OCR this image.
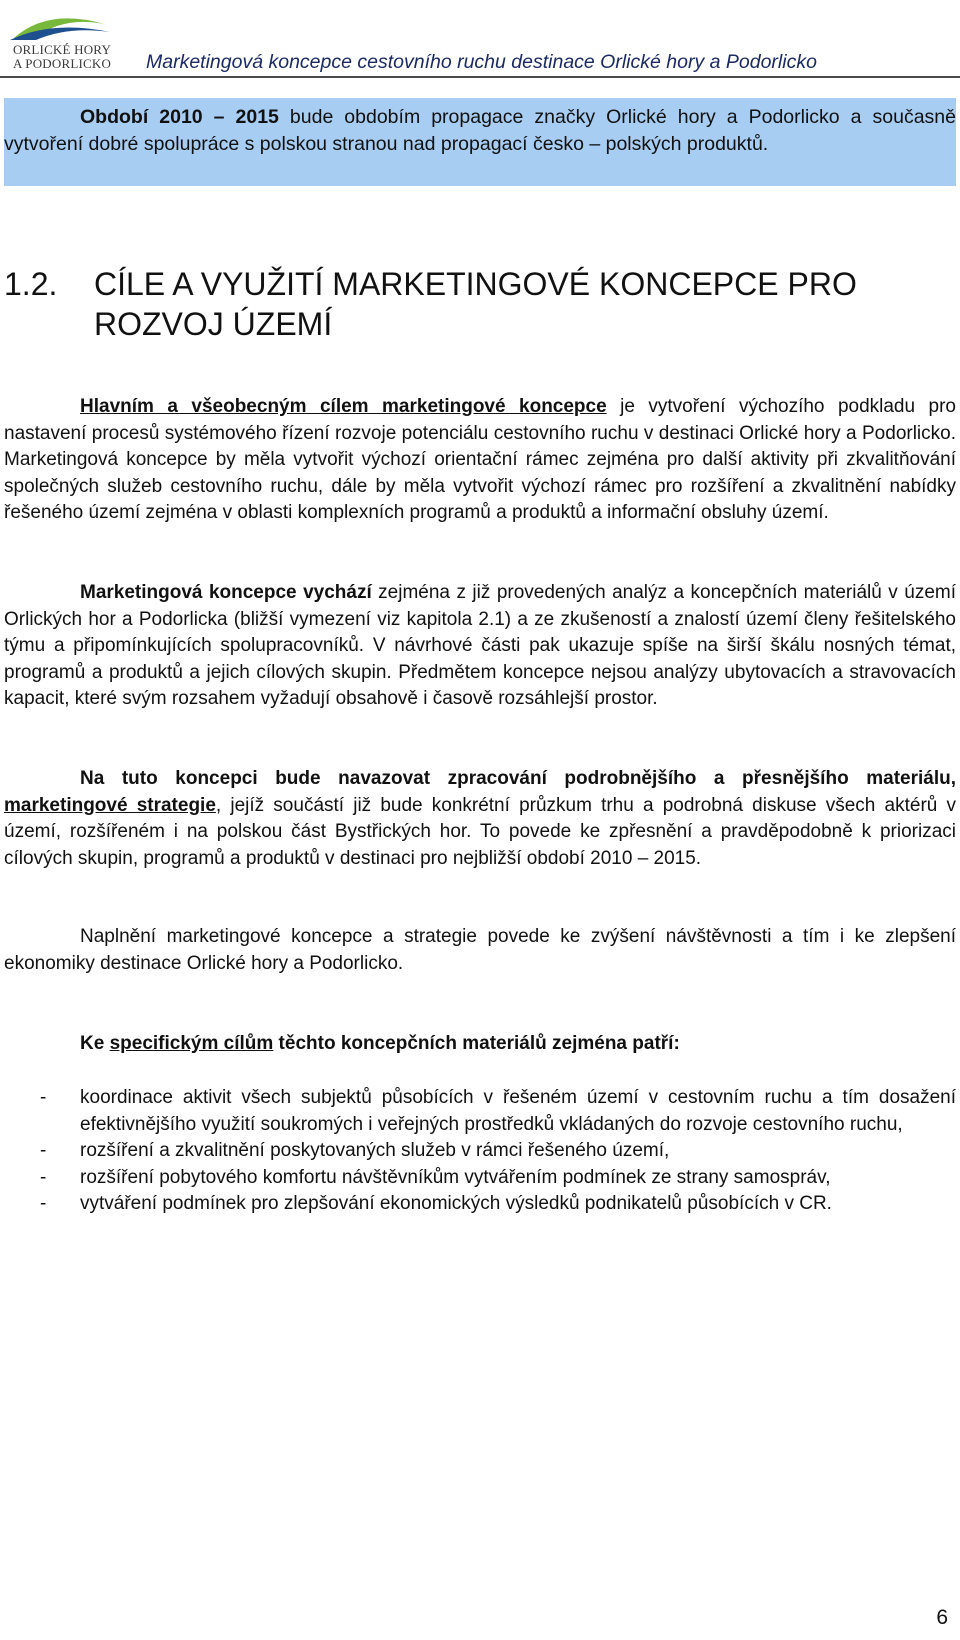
ORLICKÉ HORY
A PODORLICKO	Marketingová koncepce cestovního ruchu destinace Orlické hory a Podorlicko
Období 2010 – 2015 bude obdobím propagace značky Orlické hory a Podorlicko a současně vytvoření dobré spolupráce s polskou stranou nad propagací česko – polských produktů.
1.2. CÍLE A VYUŽITÍ MARKETINGOVÉ KONCEPCE PRO
ROZVOJ ÚZEMÍ
Hlavním a všeobecným cílem marketingové koncepce je vytvoření výchozího podkladu pro nastavení procesů systémového řízení rozvoje potenciálu cestovního ruchu v destinaci Orlické hory a Podorlicko. Marketingová koncepce by měla vytvořit výchozí orientační rámec zejména pro další aktivity při zkvalitňování společných služeb cestovního ruchu, dále by měla vytvořit výchozí rámec pro rozšíření a zkvalitnění nabídky řešeného území zejména v oblasti komplexních programů a produktů a informační obsluhy území.
Marketingová koncepce vychází zejména z již provedených analýz a koncepčních materiálů v území Orlických hor a Podorlicka (bližší vymezení viz kapitola 2.1) a ze zkušeností a znalostí území členy řešitelského týmu a připomínkujících spolupracovníků. V návrhové části pak ukazuje spíše na širší škálu nosných témat, programů a produktů a jejich cílových skupin. Předmětem koncepce nejsou analýzy ubytovacích a stravovacích kapacit, které svým rozsahem vyžadují obsahově i časově rozsáhlejší prostor.
Na tuto koncepci bude navazovat zpracování podrobnějšího a přesnějšího materiálu, marketingové strategie, jejíž součástí již bude konkrétní průzkum trhu a podrobná diskuse všech aktérů v území, rozšířeném i na polskou část Bystřických hor. To povede ke zpřesnění a pravděpodobně k priorizaci cílových skupin, programů a produktů v destinaci pro nejbližší období 2010 – 2015.
Naplnění marketingové koncepce a strategie povede ke zvýšení návštěvnosti a tím i ke zlepšení ekonomiky destinace Orlické hory a Podorlicko.
Ke specifickým cílům těchto koncepčních materiálů zejména patří:
- koordinace aktivit všech subjektů působících v řešeném území v cestovním ruchu a tím dosažení efektivnějšího využití soukromých i veřejných prostředků vkládaných do rozvoje cestovního ruchu,
- rozšíření a zkvalitnění poskytovaných služeb v rámci řešeného území,
- rozšíření pobytového komfortu návštěvníkům vytvářením podmínek ze strany samospráv,
- vytváření podmínek pro zlepšování ekonomických výsledků podnikatelů působících v CR.
6
